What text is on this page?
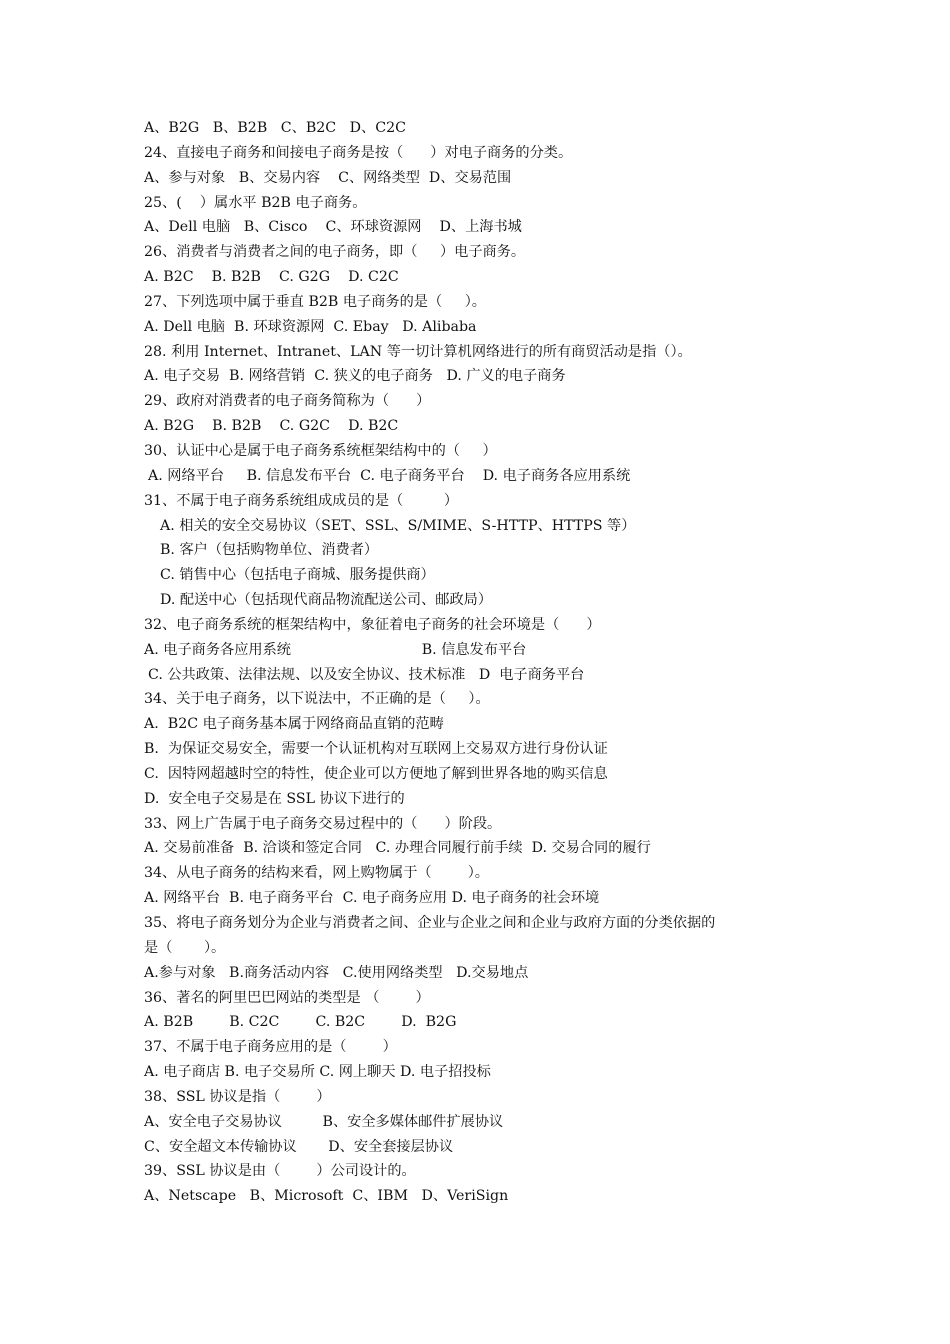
A、B2G   B、B2B   C、B2C   D、C2C
24、直接电子商务和间接电子商务是按（      ）对电子商务的分类。
A、参与对象   B、交易内容    C、网络类型  D、交易范围
25、(    ）属水平 B2B 电子商务。
A、Dell 电脑   B、Cisco    C、环球资源网    D、上海书城
26、消费者与消费者之间的电子商务，即（     ）电子商务。
A. B2C    B. B2B    C. G2G    D. C2C
27、下列选项中属于垂直 B2B 电子商务的是（     ）。
A. Dell 电脑  B. 环球资源网  C. Ebay   D. Alibaba
28. 利用 Internet、Intranet、LAN 等一切计算机网络进行的所有商贸活动是指（）。
A. 电子交易  B. 网络营销  C. 狭义的电子商务   D. 广义的电子商务
29、政府对消费者的电子商务简称为（      ）
A. B2G    B. B2B    C. G2C    D. B2C
30、认证中心是属于电子商务系统框架结构中的（     ）
A. 网络平台     B. 信息发布平台  C. 电子商务平台    D. 电子商务各应用系统
31、不属于电子商务系统组成成员的是（         ）
A. 相关的安全交易协议（SET、SSL、S/MIME、S-HTTP、HTTPS 等）
B. 客户（包括购物单位、消费者）
C. 销售中心（包括电子商城、服务提供商）
D. 配送中心（包括现代商品物流配送公司、邮政局）
32、电子商务系统的框架结构中，象征着电子商务的社会环境是（      ）
A. 电子商务各应用系统                             B. 信息发布平台
C. 公共政策、法律法规、以及安全协议、技术标准   D  电子商务平台
34、关于电子商务，以下说法中，不正确的是（     ）。
A.  B2C 电子商务基本属于网络商品直销的范畴
B.  为保证交易安全，需要一个认证机构对互联网上交易双方进行身份认证
C.  因特网超越时空的特性，使企业可以方便地了解到世界各地的购买信息
D.  安全电子交易是在 SSL 协议下进行的
33、网上广告属于电子商务交易过程中的（      ）阶段。
A. 交易前准备  B. 洽谈和签定合同   C. 办理合同履行前手续  D. 交易合同的履行
34、从电子商务的结构来看，网上购物属于（        ）。
A. 网络平台  B. 电子商务平台  C. 电子商务应用 D. 电子商务的社会环境
35、将电子商务划分为企业与消费者之间、企业与企业之间和企业与政府方面的分类依据的
是（       ）。
A.参与对象   B.商务活动内容   C.使用网络类型   D.交易地点
36、著名的阿里巴巴网站的类型是 （        ）
A. B2B        B. C2C        C. B2C        D.  B2G
37、不属于电子商务应用的是（        ）
A. 电子商店 B. 电子交易所 C. 网上聊天 D. 电子招投标
38、SSL 协议是指（        ）
A、安全电子交易协议         B、安全多媒体邮件扩展协议
C、安全超文本传输协议       D、安全套接层协议
39、SSL 协议是由（        ）公司设计的。
A、Netscape   B、Microsoft  C、IBM   D、VeriSign
